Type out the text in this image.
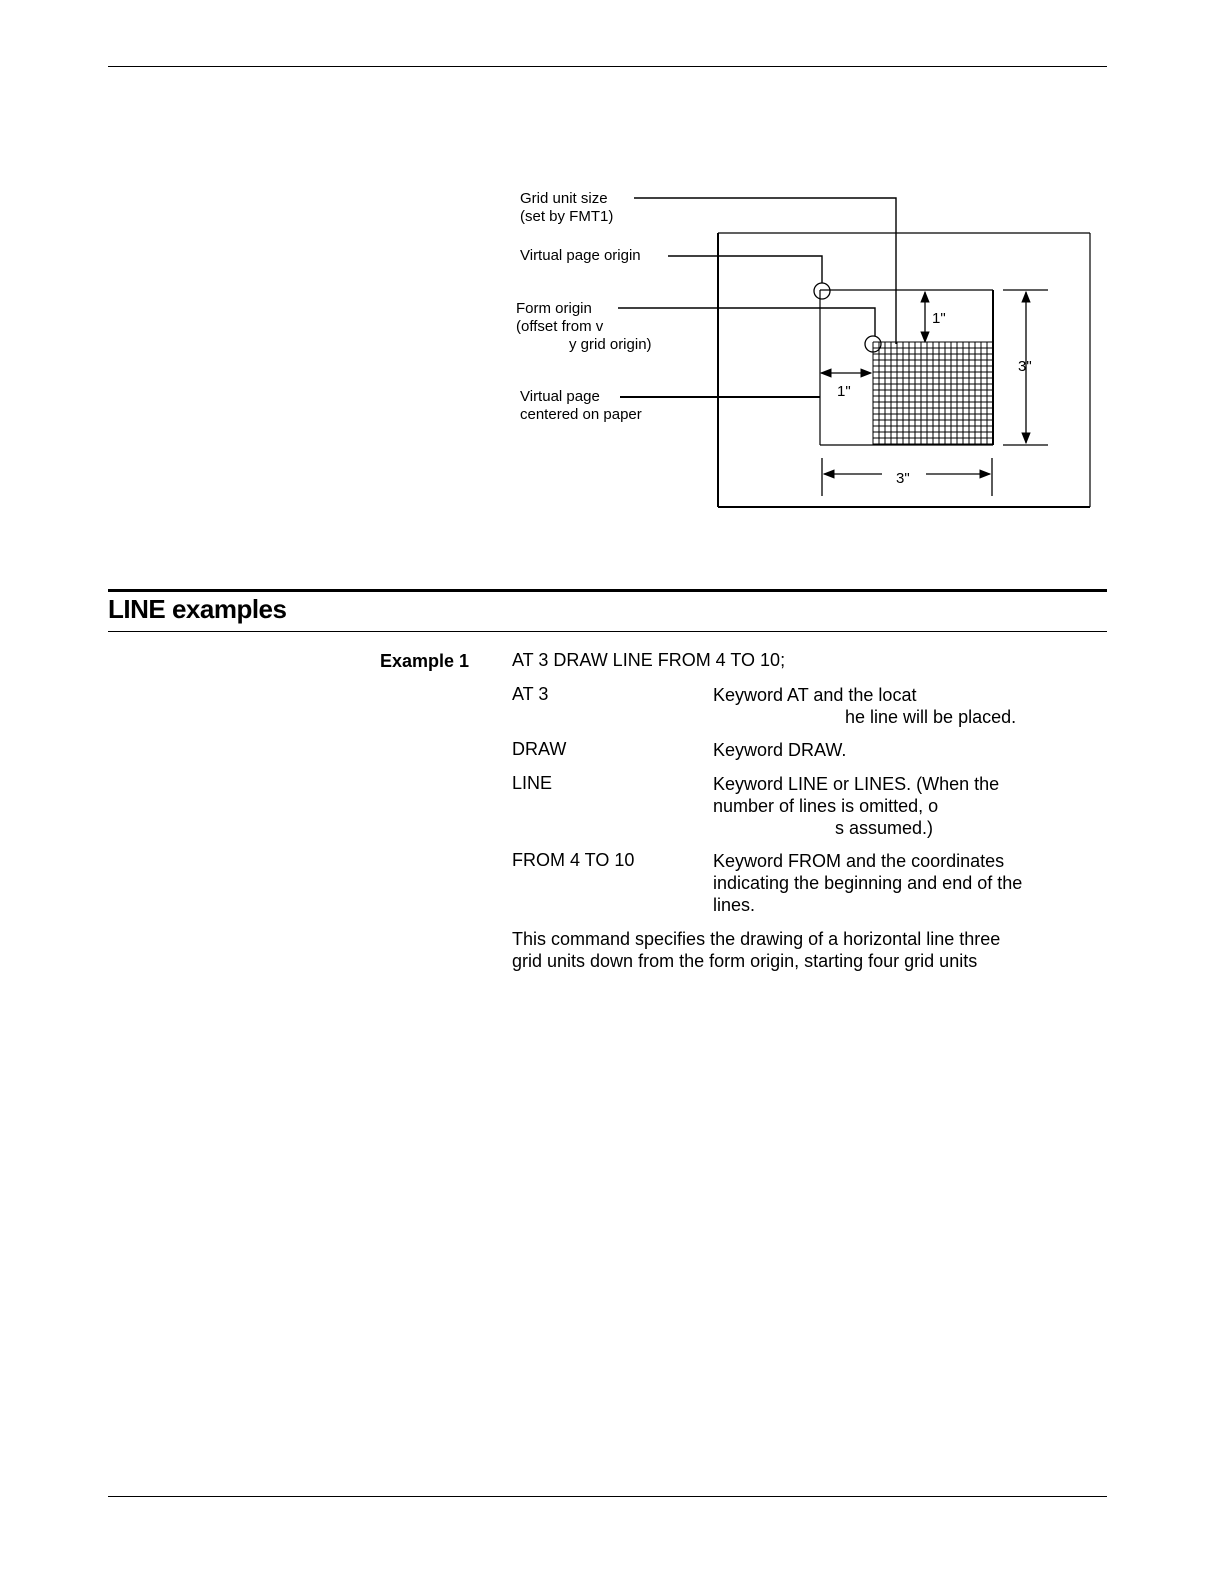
Grid unit size
(set by FMT1)
Virtual page origin
Form origin
(offset from v
y grid origin)
Virtual page
centered on paper
1"
1"
3"
3"
LINE examples
Example 1 AT 3 DRAW LINE FROM 4 TO 10;
AT 3	Keyword AT and the locat
he line will be placed.
DRAW	Keyword DRAW.
LINE	Keyword LINE or LINES. (When the
number of lines is omitted, o
s assumed.)
FROM 4 TO 10	Keyword FROM and the coordinates
indicating the beginning and end of the
lines.
This command specifies the drawing of a horizontal line three
grid units down from the form origin, starting four grid units
